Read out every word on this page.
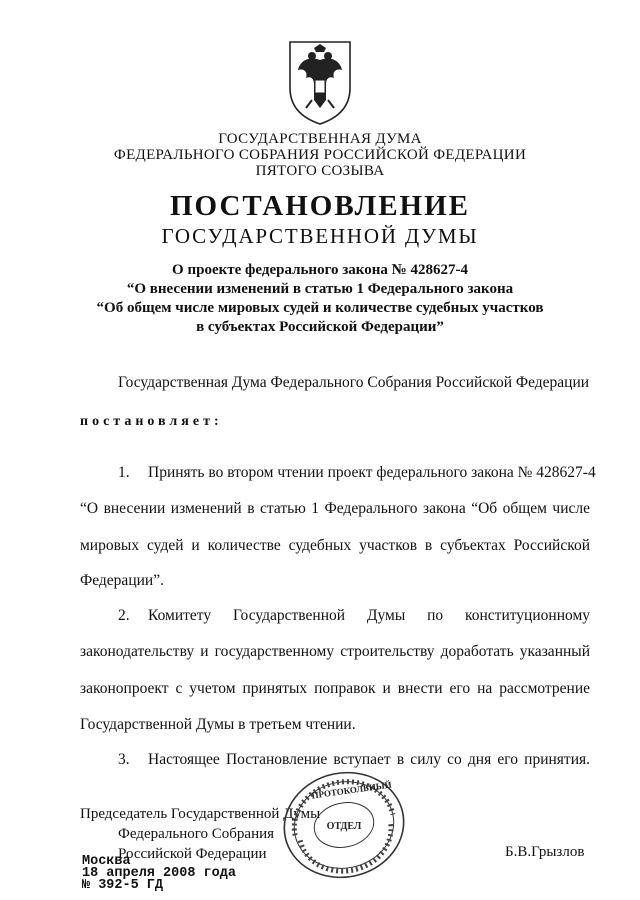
ГОСУДАРСТВЕННАЯ ДУМА
ФЕДЕРАЛЬНОГО СОБРАНИЯ РОССИЙСКОЙ ФЕДЕРАЦИИ
ПЯТОГО СОЗЫВА
ПОСТАНОВЛЕНИЕ
ГОСУДАРСТВЕННОЙ ДУМЫ
О проекте федерального закона № 428627-4
“О внесении изменений в статью 1 Федерального закона
“Об общем числе мировых судей и количестве судебных участков
в субъектах Российской Федерации”
Государственная Дума Федерального Собрания Российской Федерации
постановляет:
1. Принять во втором чтении проект федерального закона № 428627-4
“О внесении изменений в статью 1 Федерального закона “Об общем числе
мировых судей и количестве судебных участков в субъектах Российской
Федерации”.
2. Комитету Государственной Думы по конституционному
законодательству и государственному строительству доработать указанный
законопроект с учетом принятых поправок и внести его на рассмотрение
Государственной Думы в третьем чтении.
3. Настоящее Постановление вступает в силу со дня его принятия.
Председатель Государственной Думы
Федерального Собрания
Российской Федерации	Б.В.Грызлов
Москва
18 апреля 2008 года
№ 392-5 ГД
ОТДЕЛ
ПРОТОКОЛЬНЫЙ
